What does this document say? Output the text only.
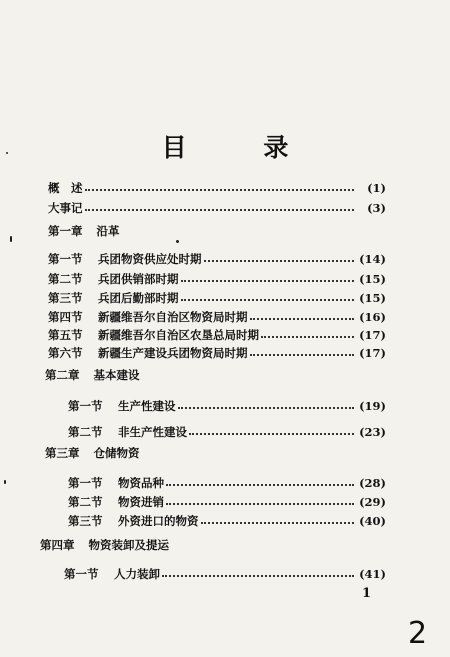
目 录
概　述	(1)
大事记	(3)
第一章 沿革
第一节	兵团物资供应处时期	(14)
第二节	兵团供销部时期	(15)
第三节	兵团后勤部时期	(15)
第四节	新疆维吾尔自治区物资局时期	(16)
第五节	新疆维吾尔自治区农垦总局时期	(17)
第六节	新疆生产建设兵团物资局时期	(17)
第二章 基本建设
第一节	生产性建设	(19)
第二节	非生产性建设	(23)
第三章 仓储物资
第一节	物资品种	(28)
第二节	物资进销	(29)
第三节	外资进口的物资	(40)
第四章 物资装卸及提运
第一节	人力装卸	(41)
1
2
